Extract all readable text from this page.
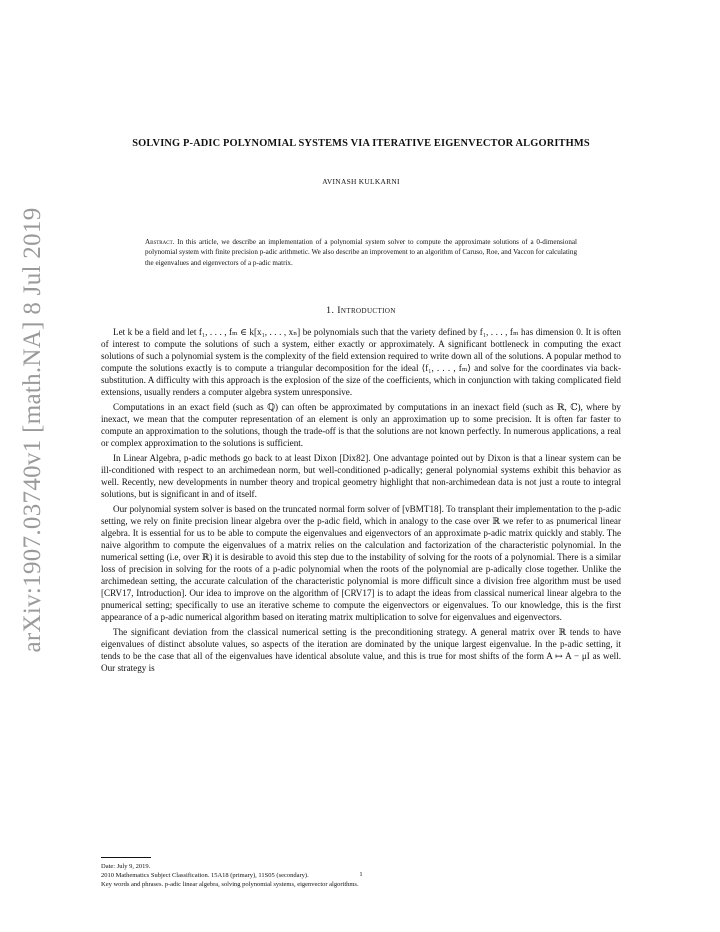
arXiv:1907.03740v1 [math.NA] 8 Jul 2019
SOLVING P-ADIC POLYNOMIAL SYSTEMS VIA ITERATIVE EIGENVECTOR ALGORITHMS
AVINASH KULKARNI
Abstract. In this article, we describe an implementation of a polynomial system solver to compute the approximate solutions of a 0-dimensional polynomial system with finite precision p-adic arithmetic. We also describe an improvement to an algorithm of Caruso, Roe, and Vaccon for calculating the eigenvalues and eigenvectors of a p-adic matrix.
1. Introduction

Let k be a field and let f₁, . . . , fₘ ∈ k[x₁, . . . , xₙ] be polynomials such that the variety defined by f₁, . . . , fₘ has dimension 0. It is often of interest to compute the solutions of such a system, either exactly or approximately. A significant bottleneck in computing the exact solutions of such a polynomial system is the complexity of the field extension required to write down all of the solutions. A popular method to compute the solutions exactly is to compute a triangular decomposition for the ideal ⟨f₁, . . . , fₘ⟩ and solve for the coordinates via back-substitution. A difficulty with this approach is the explosion of the size of the coefficients, which in conjunction with taking complicated field extensions, usually renders a computer algebra system unresponsive.

Computations in an exact field (such as ℚ) can often be approximated by computations in an inexact field (such as ℝ, ℂ), where by inexact, we mean that the computer representation of an element is only an approximation up to some precision. It is often far faster to compute an approximation to the solutions, though the trade-off is that the solutions are not known perfectly. In numerous applications, a real or complex approximation to the solutions is sufficient.

In Linear Algebra, p-adic methods go back to at least Dixon [Dix82]. One advantage pointed out by Dixon is that a linear system can be ill-conditioned with respect to an archimedean norm, but well-conditioned p-adically; general polynomial systems exhibit this behavior as well. Recently, new developments in number theory and tropical geometry highlight that non-archimedean data is not just a route to integral solutions, but is significant in and of itself.

Our polynomial system solver is based on the truncated normal form solver of [vBMT18]. To transplant their implementation to the p-adic setting, we rely on finite precision linear algebra over the p-adic field, which in analogy to the case over ℝ we refer to as pnumerical linear algebra. It is essential for us to be able to compute the eigenvalues and eigenvectors of an approximate p-adic matrix quickly and stably. The naive algorithm to compute the eigenvalues of a matrix relies on the calculation and factorization of the characteristic polynomial. In the numerical setting (i.e, over ℝ) it is desirable to avoid this step due to the instability of solving for the roots of a polynomial. There is a similar loss of precision in solving for the roots of a p-adic polynomial when the roots of the polynomial are p-adically close together. Unlike the archimedean setting, the accurate calculation of the characteristic polynomial is more difficult since a division free algorithm must be used [CRV17, Introduction]. Our idea to improve on the algorithm of [CRV17] is to adapt the ideas from classical numerical linear algebra to the pnumerical setting; specifically to use an iterative scheme to compute the eigenvectors or eigenvalues. To our knowledge, this is the first appearance of a p-adic numerical algorithm based on iterating matrix multiplication to solve for eigenvalues and eigenvectors.

The significant deviation from the classical numerical setting is the preconditioning strategy. A general matrix over ℝ tends to have eigenvalues of distinct absolute values, so aspects of the iteration are dominated by the unique largest eigenvalue. In the p-adic setting, it tends to be the case that all of the eigenvalues have identical absolute value, and this is true for most shifts of the form A ↦ A − μI as well. Our strategy is

Date: July 9, 2019.
2010 Mathematics Subject Classification. 15A18 (primary), 11S05 (secondary).
Key words and phrases. p-adic linear algebra, solving polynomial systems, eigenvector algorithms.
1
